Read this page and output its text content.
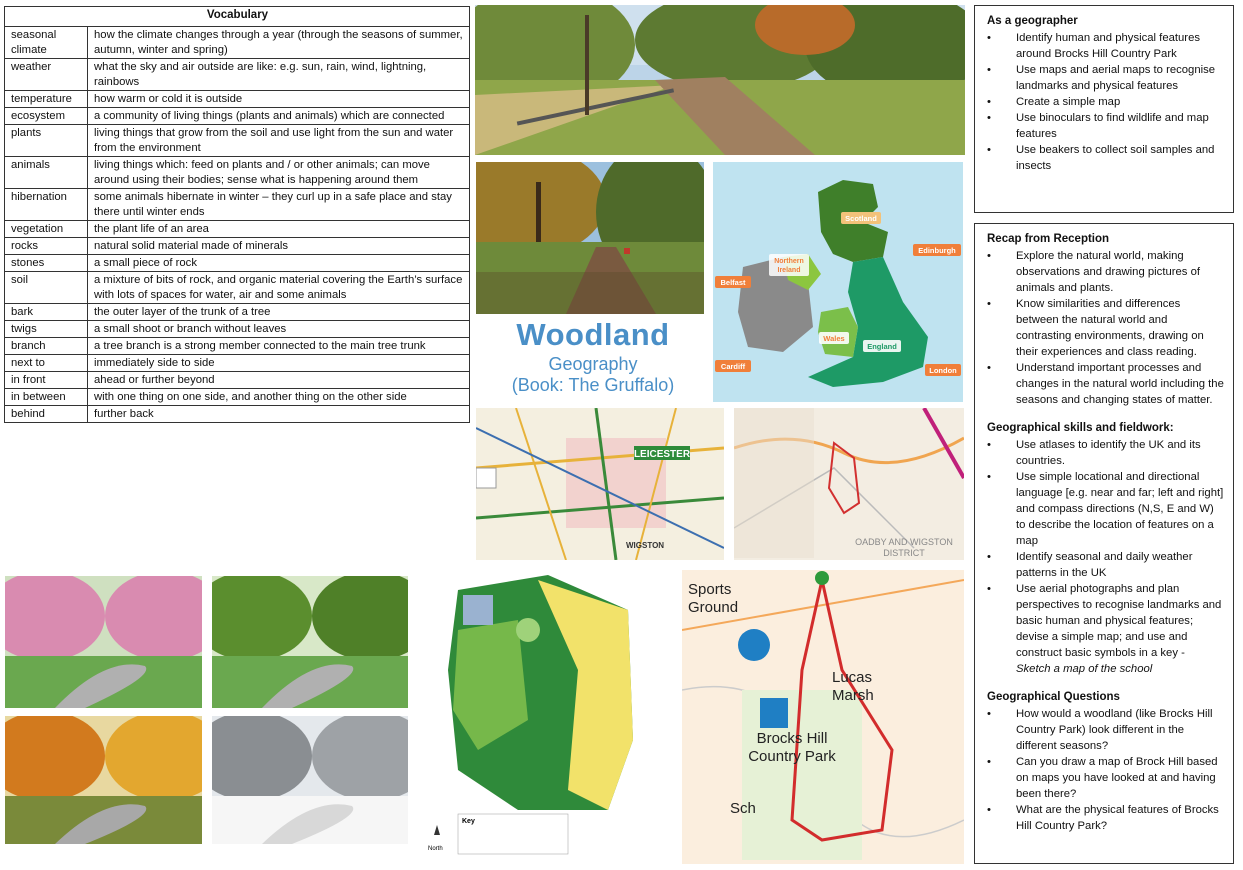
Vocabulary	
seasonal climate	how the climate changes through a year (through the seasons of summer, autumn, winter and spring)
weather	what the sky and air outside are like: e.g. sun, rain, wind, lightning, rainbows
temperature	how warm or cold it is outside
ecosystem	a community of living things (plants and animals) which are connected
plants	living things that grow from the soil and use light from the sun and water from the environment
animals	living things which: feed on plants and / or other animals; can move around using their bodies; sense what is happening around them
hibernation	some animals hibernate in winter – they curl up in a safe place and stay there until winter ends
vegetation	the plant life of an area
rocks	natural solid material made of minerals
stones	a small piece of rock
soil	a mixture of bits of rock, and organic material covering the Earth’s surface with lots of spaces for water, air and some animals
bark	the outer layer of the trunk of a tree
twigs	a small shoot or branch without leaves
branch	a tree branch is a strong member connected to the main tree trunk
next to	immediately side to side
in front	ahead or further beyond
in between	with one thing on one side, and another thing on the other side
behind	further back
Woodland
Geography
(Book: The Gruffalo)
Scotland
Edinburgh
Northern
Ireland
Belfast
Wales
England
Cardiff	London
LEICESTER
WIGSTON	OADBY AND WIGSTON
DISTRICT
Key
North
Sports
Ground
Lucas
Marsh
Brocks Hill
Country Park
Sch
As a geographer
• Identify human and physical features around Brocks Hill Country Park
• Use maps and aerial maps to recognise landmarks and physical features
• Create a simple map
• Use binoculars to find wildlife and map features
• Use beakers to collect soil samples and insects
Recap from Reception
• Explore the natural world, making observations and drawing pictures of animals and plants.
• Know similarities and differences between the natural world and contrasting environments, drawing on their experiences and class reading.
• Understand important processes and changes in the natural world including the seasons and changing states of matter.
Geographical skills and fieldwork:
• Use atlases to identify the UK and its countries.
• Use simple locational and directional language [e.g. near and far; left and right] and compass directions (N,S, E and W) to describe the location of features on a map
• Identify seasonal and daily weather patterns in the UK
• Use aerial photographs and plan perspectives to recognise landmarks and basic human and physical features; devise a simple map; and use and construct basic symbols in a key -
Sketch a map of the school
Geographical Questions
• How would a woodland (like Brocks Hill Country Park) look different in the different seasons?
• Can you draw a map of Brock Hill based on maps you have looked at and having been there?
• What are the physical features of Brocks Hill Country Park?
